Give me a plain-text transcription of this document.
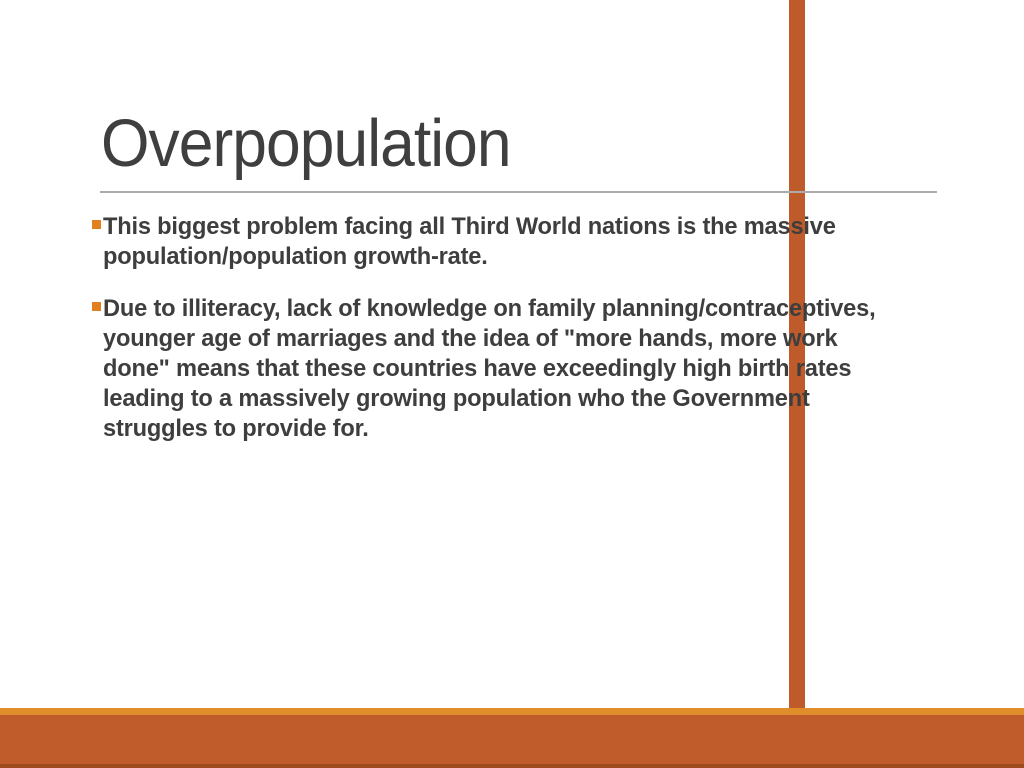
Overpopulation
This biggest problem facing all Third World nations is the massive
population/population growth-rate.
Due to illiteracy, lack of knowledge on family planning/contraceptives,
younger age of marriages and the idea of "more hands, more work
done" means that these countries have exceedingly high birth rates
leading to a massively growing population who the Government
struggles to provide for.
